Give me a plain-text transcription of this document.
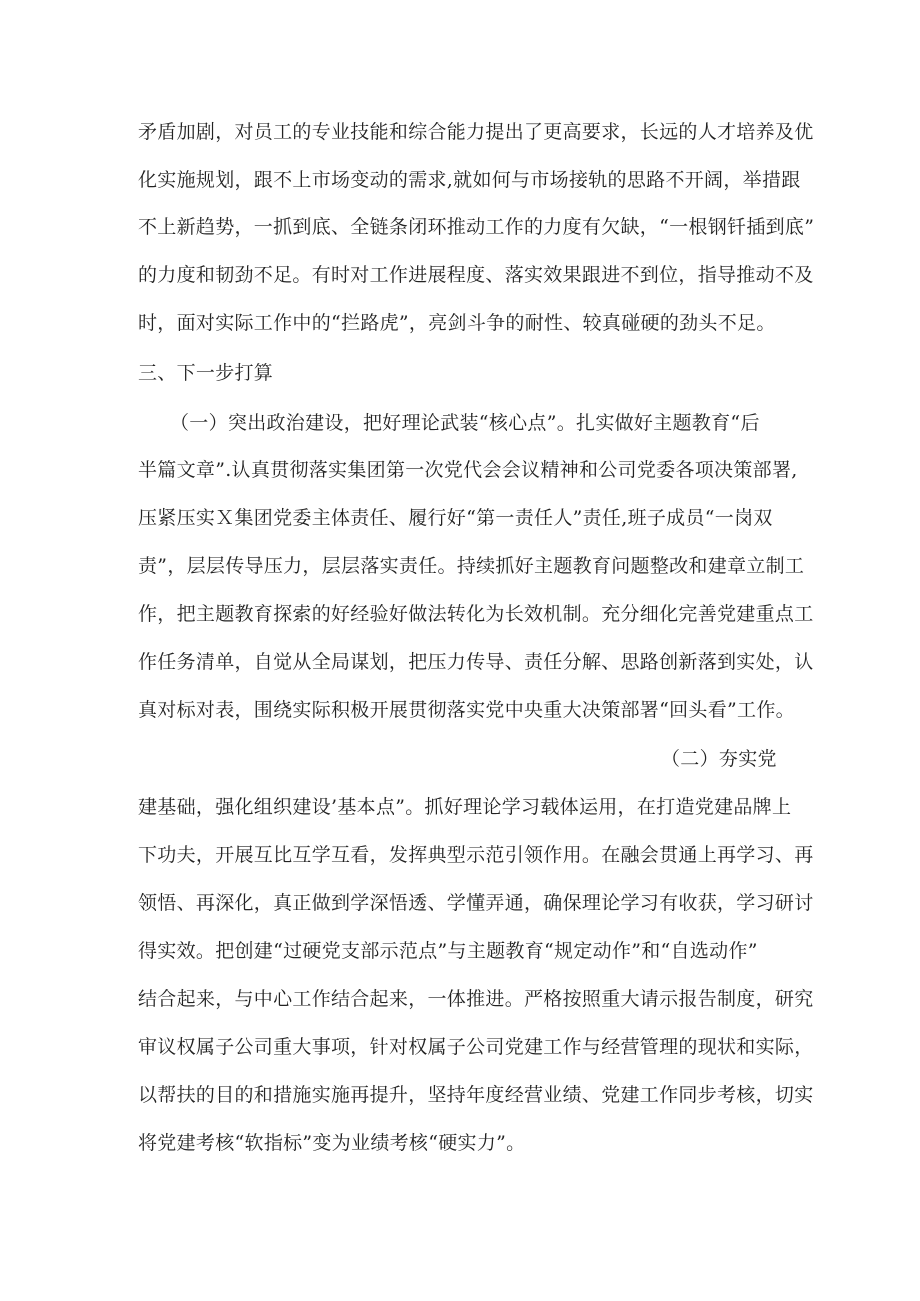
矛盾加剧，对员工的专业技能和综合能力提出了更高要求，长远的人才培养及优
化实施规划，跟不上市场变动的需求,就如何与市场接轨的思路不开阔，举措跟
不上新趋势，一抓到底、全链条闭环推动工作的力度有欠缺，“一根钢钎插到底”
的力度和韧劲不足。有时对工作进展程度、落实效果跟进不到位，指导推动不及
时，面对实际工作中的“拦路虎”，亮剑斗争的耐性、较真碰硬的劲头不足。
三、下一步打算
（一）突出政治建设，把好理论武装“核心点”。扎实做好主题教育“后
半篇文章”.认真贯彻落实集团第一次党代会会议精神和公司党委各项决策部署,
压紧压实Ｘ集团党委主体责任、履行好“第一责任人”责任,班子成员“一岗双
责”，层层传导压力，层层落实责任。持续抓好主题教育问题整改和建章立制工
作，把主题教育探索的好经验好做法转化为长效机制。充分细化完善党建重点工
作任务清单，自觉从全局谋划，把压力传导、责任分解、思路创新落到实处，认
真对标对表，围绕实际积极开展贯彻落实党中央重大决策部署“回头看”工作。
（二）夯实党
建基础，强化组织建设’基本点”。抓好理论学习载体运用，在打造党建品牌上
下功夫，开展互比互学互看，发挥典型示范引领作用。在融会贯通上再学习、再
领悟、再深化，真正做到学深悟透、学懂弄通，确保理论学习有收获，学习研讨
得实效。把创建“过硬党支部示范点”与主题教育“规定动作”和“自选动作”
结合起来，与中心工作结合起来，一体推进。严格按照重大请示报告制度，研究
审议权属子公司重大事项，针对权属子公司党建工作与经营管理的现状和实际，
以帮扶的目的和措施实施再提升，坚持年度经营业绩、党建工作同步考核，切实
将党建考核“软指标”变为业绩考核“硬实力”。
